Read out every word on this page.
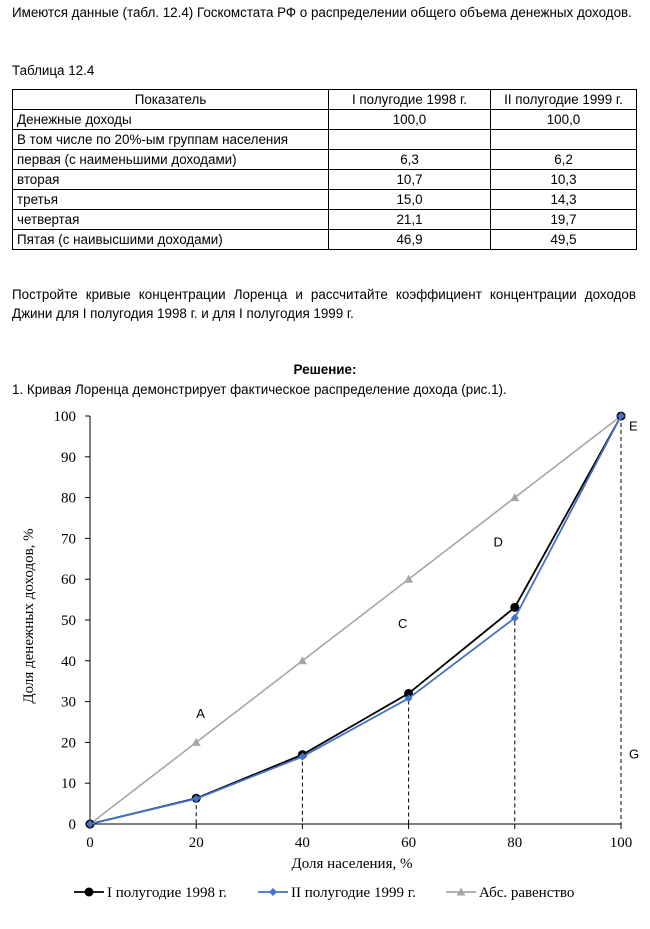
Имеются данные (табл. 12.4) Госкомстата РФ о распределении общего объема денежных доходов.

Таблица 12.4

Показатель	I полугодие 1998 г.	II полугодие 1999 г.
Денежные доходы	100,0	100,0
В том числе по 20%-ым группам населения		
первая (с наименьшими доходами)	6,3	6,2
вторая	10,7	10,3
третья	15,0	14,3
четвертая	21,1	19,7
Пятая (с наивысшими доходами)	46,9	49,5

Постройте кривые концентрации Лоренца и рассчитайте коэффициент концентрации доходов Джини для I полугодия 1998 г. и для I полугодия 1999 г.

Решение:

1. Кривая Лоренца демонстрирует фактическое распределение дохода (рис.1).

0
10
20
30
40
50
60
70
80
90
100
0	20	40	60	80	100
A
C
D
E
G
Доля населения, %
Доля денежных доходов, %
I полугодие 1998 г.	II полугодие 1999 г.	Абс. равенство
